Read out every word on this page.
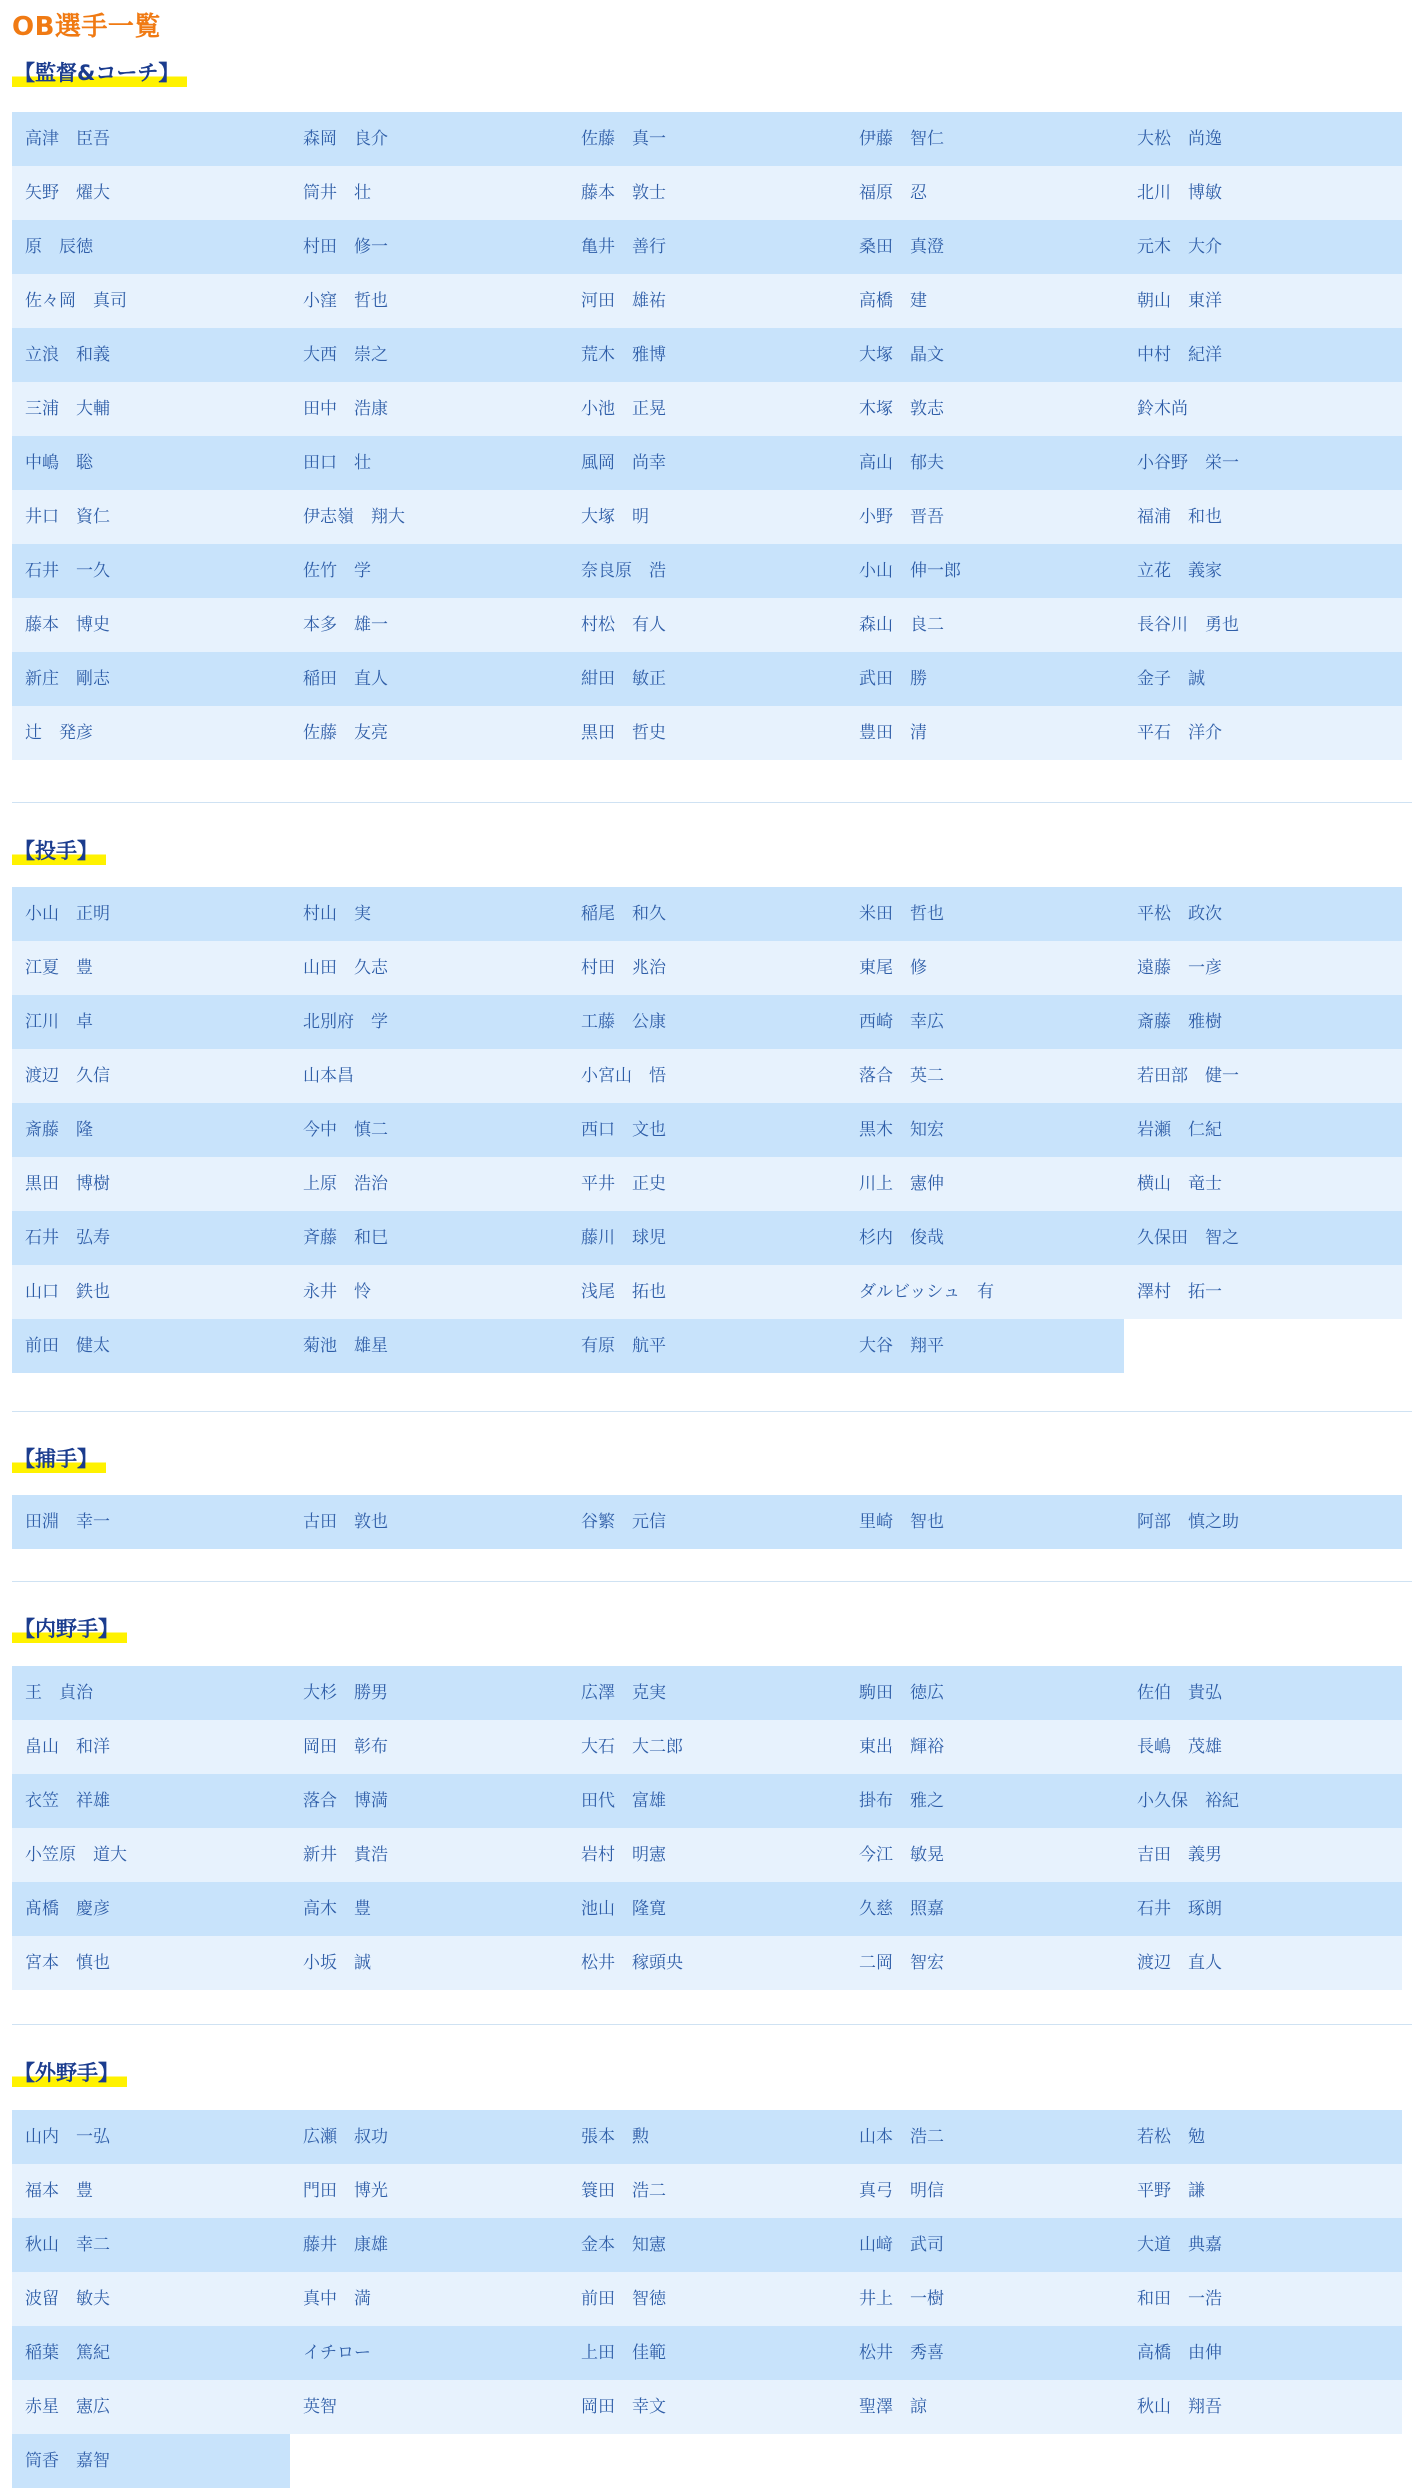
OB選手一覧
【監督&コーチ】
高津　臣吾	森岡　良介	佐藤　真一	伊藤　智仁	大松　尚逸
矢野　燿大	筒井　壮	藤本　敦士	福原　忍	北川　博敏
原　辰徳	村田　修一	亀井　善行	桑田　真澄	元木　大介
佐々岡　真司	小窪　哲也	河田　雄祐	高橋　建	朝山　東洋
立浪　和義	大西　崇之	荒木　雅博	大塚　晶文	中村　紀洋
三浦　大輔	田中　浩康	小池　正晃	木塚　敦志	鈴木尚
中嶋　聡	田口　壮	風岡　尚幸	高山　郁夫	小谷野　栄一
井口　資仁	伊志嶺　翔大	大塚　明	小野　晋吾	福浦　和也
石井　一久	佐竹　学	奈良原　浩	小山　伸一郎	立花　義家
藤本　博史	本多　雄一	村松　有人	森山　良二	長谷川　勇也
新庄　剛志	稲田　直人	紺田　敏正	武田　勝	金子　誠
辻　発彦	佐藤　友亮	黒田　哲史	豊田　清	平石　洋介
【投手】
小山　正明	村山　実	稲尾　和久	米田　哲也	平松　政次
江夏　豊	山田　久志	村田　兆治	東尾　修	遠藤　一彦
江川　卓	北別府　学	工藤　公康	西崎　幸広	斎藤　雅樹
渡辺　久信	山本昌	小宮山　悟	落合　英二	若田部　健一
斎藤　隆	今中　慎二	西口　文也	黒木　知宏	岩瀬　仁紀
黒田　博樹	上原　浩治	平井　正史	川上　憲伸	横山　竜士
石井　弘寿	斉藤　和巳	藤川　球児	杉内　俊哉	久保田　智之
山口　鉄也	永井　怜	浅尾　拓也	ダルビッシュ　有	澤村　拓一
前田　健太	菊池　雄星	有原　航平	大谷　翔平
【捕手】
田淵　幸一	古田　敦也	谷繁　元信	里崎　智也	阿部　慎之助
【内野手】
王　貞治	大杉　勝男	広澤　克実	駒田　徳広	佐伯　貴弘
畠山　和洋	岡田　彰布	大石　大二郎	東出　輝裕	長嶋　茂雄
衣笠　祥雄	落合　博満	田代　富雄	掛布　雅之	小久保　裕紀
小笠原　道大	新井　貴浩	岩村　明憲	今江　敏晃	吉田　義男
髙橋　慶彦	高木　豊	池山　隆寛	久慈　照嘉	石井　琢朗
宮本　慎也	小坂　誠	松井　稼頭央	二岡　智宏	渡辺　直人
【外野手】
山内　一弘	広瀬　叔功	張本　勲	山本　浩二	若松　勉
福本　豊	門田　博光	簑田　浩二	真弓　明信	平野　謙
秋山　幸二	藤井　康雄	金本　知憲	山﨑　武司	大道　典嘉
波留　敏夫	真中　満	前田　智徳	井上　一樹	和田　一浩
稲葉　篤紀	イチロー	上田　佳範	松井　秀喜	高橋　由伸
赤星　憲広	英智	岡田　幸文	聖澤　諒	秋山　翔吾
筒香　嘉智
